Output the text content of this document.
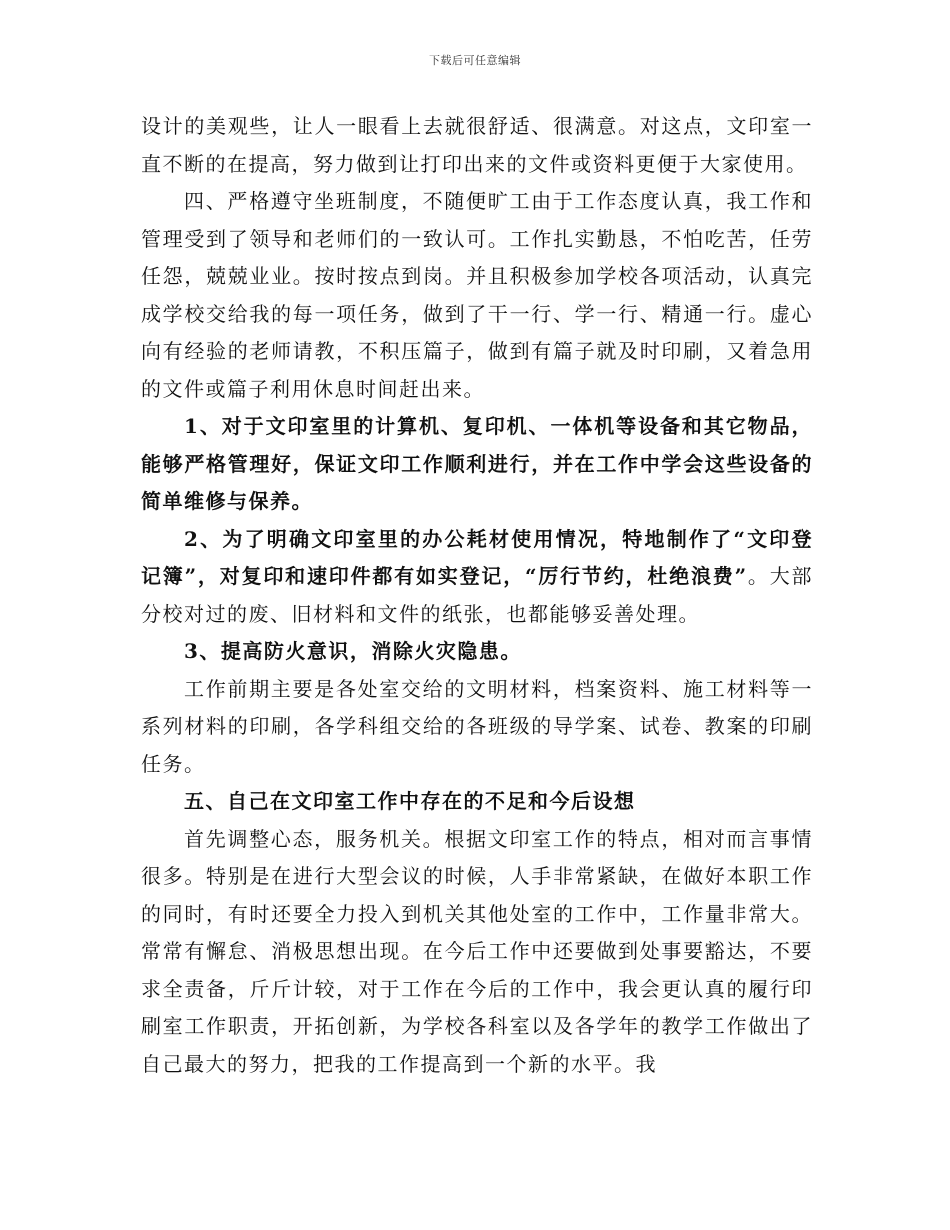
下载后可任意编辑

设计的美观些，让人一眼看上去就很舒适、很满意。对这点，文印室一直不断的在提高，努力做到让打印出来的文件或资料更便于大家使用。

四、严格遵守坐班制度，不随便旷工由于工作态度认真，我工作和管理受到了领导和老师们的一致认可。工作扎实勤恳，不怕吃苦，任劳任怨，兢兢业业。按时按点到岗。并且积极参加学校各项活动，认真完成学校交给我的每一项任务，做到了干一行、学一行、精通一行。虚心向有经验的老师请教，不积压篇子，做到有篇子就及时印刷，又着急用的文件或篇子利用休息时间赶出来。

1、对于文印室里的计算机、复印机、一体机等设备和其它物品，能够严格管理好，保证文印工作顺利进行，并在工作中学会这些设备的简单维修与保养。

2、为了明确文印室里的办公耗材使用情况，特地制作了“文印登记簿”，对复印和速印件都有如实登记，“厉行节约，杜绝浪费”。大部分校对过的废、旧材料和文件的纸张，也都能够妥善处理。

3、提高防火意识，消除火灾隐患。

工作前期主要是各处室交给的文明材料，档案资料、施工材料等一系列材料的印刷，各学科组交给的各班级的导学案、试卷、教案的印刷任务。

五、自己在文印室工作中存在的不足和今后设想

首先调整心态，服务机关。根据文印室工作的特点，相对而言事情很多。特别是在进行大型会议的时候，人手非常紧缺，在做好本职工作的同时，有时还要全力投入到机关其他处室的工作中，工作量非常大。常常有懈怠、消极思想出现。在今后工作中还要做到处事要豁达，不要求全责备，斤斤计较，对于工作在今后的工作中，我会更认真的履行印刷室工作职责，开拓创新，为学校各科室以及各学年的教学工作做出了自己最大的努力，把我的工作提高到一个新的水平。我
